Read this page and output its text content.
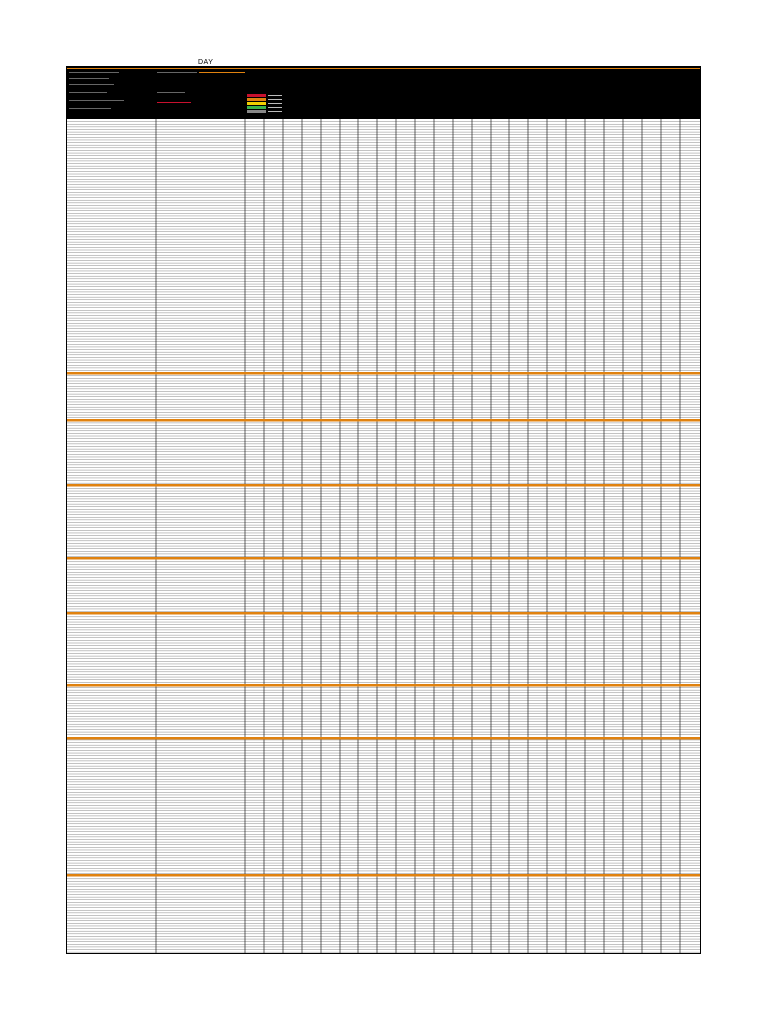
DAY
